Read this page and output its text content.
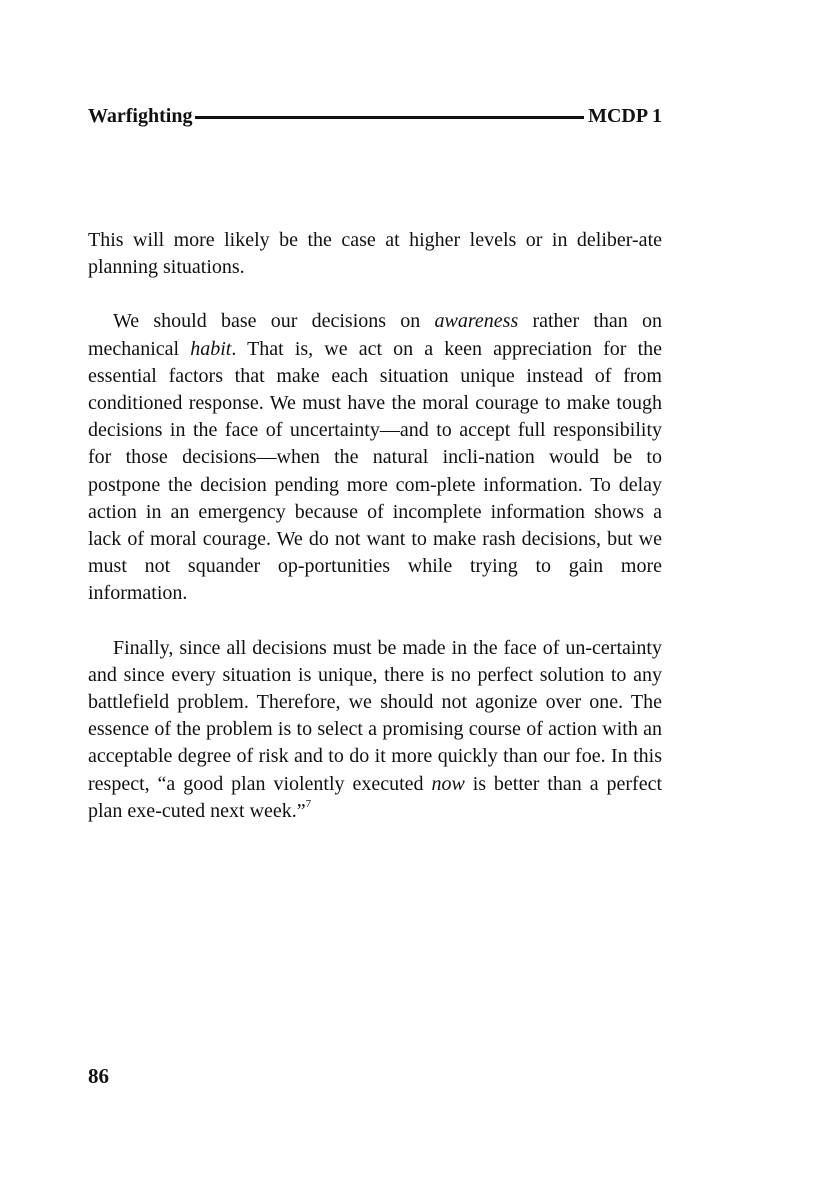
Warfighting	MCDP 1

This will more likely be the case at higher levels or in deliber-ate planning situations.

We should base our decisions on awareness rather than on mechanical habit. That is, we act on a keen appreciation for the essential factors that make each situation unique instead of from conditioned response. We must have the moral courage to make tough decisions in the face of uncertainty—and to accept full responsibility for those decisions—when the natural incli-nation would be to postpone the decision pending more com-plete information. To delay action in an emergency because of incomplete information shows a lack of moral courage. We do not want to make rash decisions, but we must not squander op-portunities while trying to gain more information.

Finally, since all decisions must be made in the face of un-certainty and since every situation is unique, there is no perfect solution to any battlefield problem. Therefore, we should not agonize over one. The essence of the problem is to select a promising course of action with an acceptable degree of risk and to do it more quickly than our foe. In this respect, “a good plan violently executed now is better than a perfect plan exe-cuted next week.”$^7$

86
